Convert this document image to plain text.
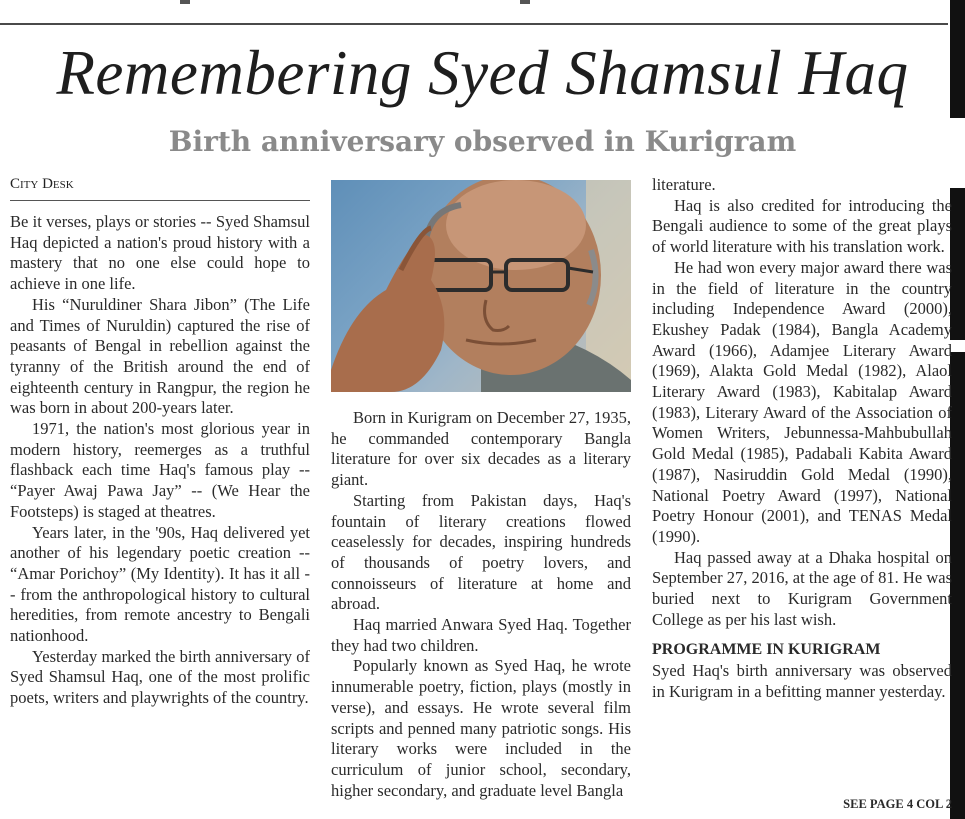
Remembering Syed Shamsul Haq
Birth anniversary observed in Kurigram
City Desk

Be it verses, plays or stories -- Syed Shamsul Haq depicted a nation's proud history with a mastery that no one else could hope to achieve in one life.

His “Nuruldiner Shara Jibon” (The Life and Times of Nuruldin) captured the rise of peasants of Bengal in rebellion against the tyranny of the British around the end of eighteenth century in Rangpur, the region he was born in about 200-years later.

1971, the nation's most glorious year in modern history, reemerges as a truthful flashback each time Haq's famous play -- “Payer Awaj Pawa Jay” -- (We Hear the Footsteps) is staged at theatres.

Years later, in the '90s, Haq delivered yet another of his legendary poetic creation -- “Amar Porichoy” (My Identity). It has it all -- from the anthropological history to cultural heredities, from remote ancestry to Bengali nationhood.

Yesterday marked the birth anniversary of Syed Shamsul Haq, one of the most prolific poets, writers and playwrights of the country.

Born in Kurigram on December 27, 1935, he commanded contemporary Bangla literature for over six decades as a literary giant.

Starting from Pakistan days, Haq's fountain of literary creations flowed ceaselessly for decades, inspiring hundreds of thousands of poetry lovers, and connoisseurs of literature at home and abroad.

Haq married Anwara Syed Haq. Together they had two children.

Popularly known as Syed Haq, he wrote innumerable poetry, fiction, plays (mostly in verse), and essays. He wrote several film scripts and penned many patriotic songs. His literary works were included in the curriculum of junior school, secondary, higher secondary, and graduate level Bangla

literature.

Haq is also credited for introducing the Bengali audience to some of the great plays of world literature with his translation work.

He had won every major award there was in the field of literature in the country including Independence Award (2000), Ekushey Padak (1984), Bangla Academy Award (1966), Adamjee Literary Award (1969), Alakta Gold Medal (1982), Alaol Literary Award (1983), Kabitalap Award (1983), Literary Award of the Association of Women Writers, Jebunnessa-Mahbubullah Gold Medal (1985), Padabali Kabita Award (1987), Nasiruddin Gold Medal (1990), National Poetry Award (1997), National Poetry Honour (2001), and TENAS Medal (1990).

Haq passed away at a Dhaka hospital on September 27, 2016, at the age of 81. He was buried next to Kurigram Government College as per his last wish.

PROGRAMME IN KURIGRAM

Syed Haq's birth anniversary was observed in Kurigram in a befitting manner yesterday.

SEE PAGE 4 COL 2
